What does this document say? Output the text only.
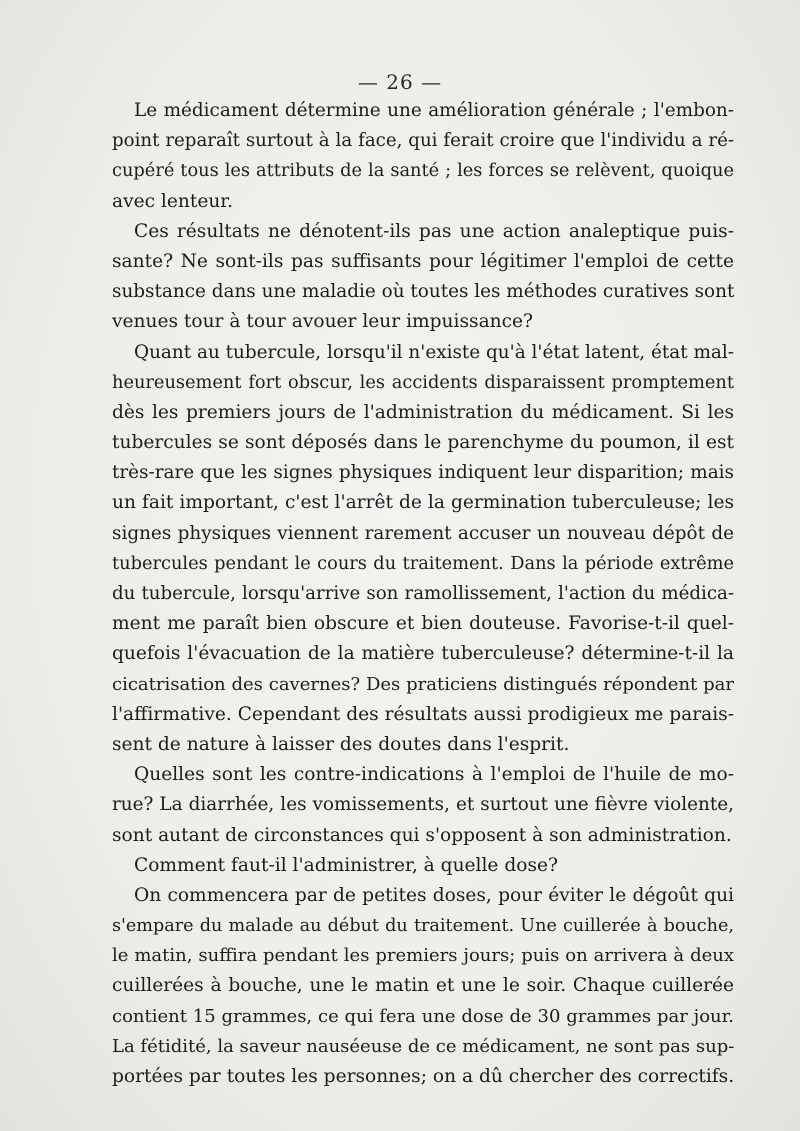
— 26 —
Le médicament détermine une amélioration générale ; l'embon-
point reparaît surtout à la face, qui ferait croire que l'individu a ré-
cupéré tous les attributs de la santé ; les forces se relèvent, quoique
avec lenteur.
Ces résultats ne dénotent-ils pas une action analeptique puis-
sante? Ne sont-ils pas suffisants pour légitimer l'emploi de cette
substance dans une maladie où toutes les méthodes curatives sont
venues tour à tour avouer leur impuissance?
Quant au tubercule, lorsqu'il n'existe qu'à l'état latent, état mal-
heureusement fort obscur, les accidents disparaissent promptement
dès les premiers jours de l'administration du médicament. Si les
tubercules se sont déposés dans le parenchyme du poumon, il est
très-rare que les signes physiques indiquent leur disparition; mais
un fait important, c'est l'arrêt de la germination tuberculeuse; les
signes physiques viennent rarement accuser un nouveau dépôt de
tubercules pendant le cours du traitement. Dans la période extrême
du tubercule, lorsqu'arrive son ramollissement, l'action du médica-
ment me paraît bien obscure et bien douteuse. Favorise-t-il quel-
quefois l'évacuation de la matière tuberculeuse? détermine-t-il la
cicatrisation des cavernes? Des praticiens distingués répondent par
l'affirmative. Cependant des résultats aussi prodigieux me parais-
sent de nature à laisser des doutes dans l'esprit.
Quelles sont les contre-indications à l'emploi de l'huile de mo-
rue? La diarrhée, les vomissements, et surtout une fièvre violente,
sont autant de circonstances qui s'opposent à son administration.
Comment faut-il l'administrer, à quelle dose?
On commencera par de petites doses, pour éviter le dégoût qui
s'empare du malade au début du traitement. Une cuillerée à bouche,
le matin, suffira pendant les premiers jours; puis on arrivera à deux
cuillerées à bouche, une le matin et une le soir. Chaque cuillerée
contient 15 grammes, ce qui fera une dose de 30 grammes par jour.
La fétidité, la saveur nauséeuse de ce médicament, ne sont pas sup-
portées par toutes les personnes; on a dû chercher des correctifs.
